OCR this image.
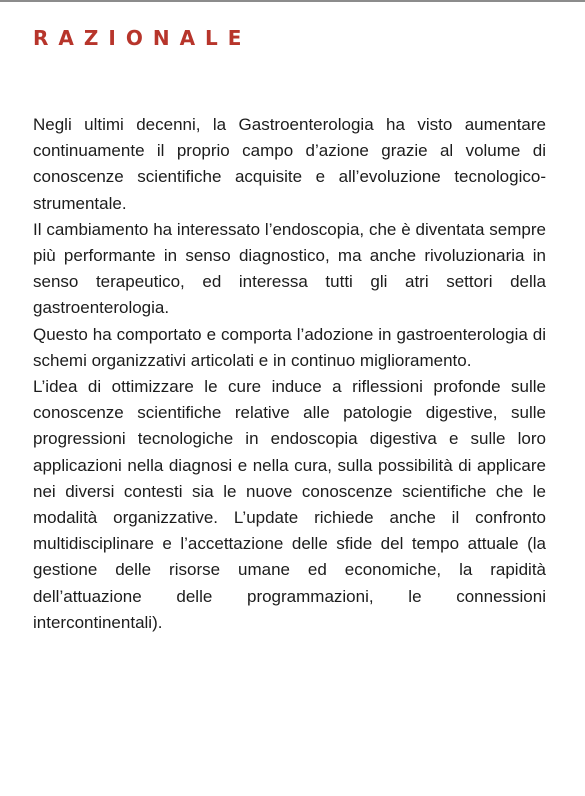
RAZIONALE

Negli ultimi decenni, la Gastroenterologia ha visto aumentare continuamente il proprio campo d’azione grazie al volume di conoscenze scientifiche acquisite e all’evoluzione tecnologico-strumentale.

Il cambiamento ha interessato l’endoscopia, che è diventata sempre più performante in senso diagnostico, ma anche rivoluzionaria in senso terapeutico, ed interessa tutti gli atri settori della gastroenterologia.

Questo ha comportato e comporta l’adozione in gastroenterologia di schemi organizzativi articolati e in continuo miglioramento.

L’idea di ottimizzare le cure induce a riflessioni profonde sulle conoscenze scientifiche relative alle patologie digestive, sulle progressioni tecnologiche in endoscopia digestiva e sulle loro applicazioni nella diagnosi e nella cura, sulla possibilità di applicare nei diversi contesti sia le nuove conoscenze scientifiche che le modalità organizzative. L’update richiede anche il confronto multidisciplinare e l’accettazione delle sfide del tempo attuale (la gestione delle risorse umane ed economiche, la rapidità dell’attuazione delle programmazioni, le connessioni intercontinentali).
